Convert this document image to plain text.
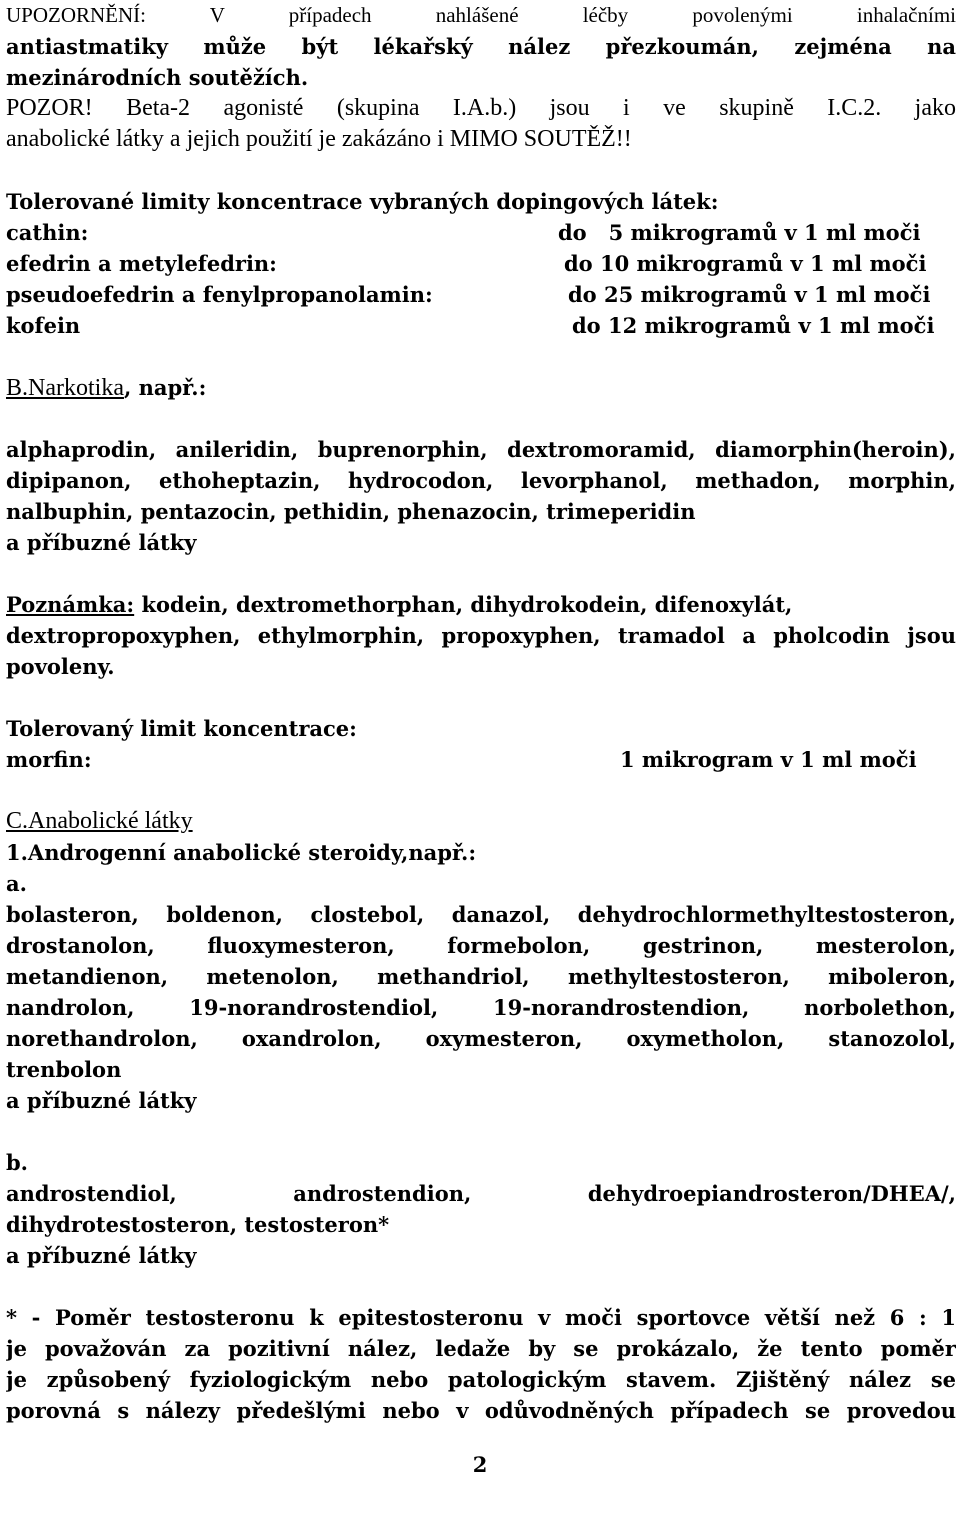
UPOZORNĚNÍ: V případech nahlášené léčby povolenými inhalačními
antiastmatiky může být lékařský nález přezkoumán, zejména na
mezinárodních soutěžích.
POZOR! Beta-2 agonisté (skupina I.A.b.) jsou i ve skupině I.C.2. jako
anabolické látky a jejich použití je zakázáno i MIMO SOUTĚŽ!!
Tolerované limity koncentrace vybraných dopingových látek:
cathin:	do   5 mikrogramů v 1 ml moči
efedrin a metylefedrin:	do 10 mikrogramů v 1 ml moči
pseudoefedrin a fenylpropanolamin:	do 25 mikrogramů v 1 ml moči
kofein	do 12 mikrogramů v 1 ml moči
B.Narkotika, např.:
alphaprodin, anileridin, buprenorphin, dextromoramid, diamorphin(heroin),
dipipanon, ethoheptazin, hydrocodon, levorphanol, methadon, morphin,
nalbuphin, pentazocin, pethidin, phenazocin, trimeperidin
a příbuzné látky
Poznámka: kodein, dextromethorphan, dihydrokodein, difenoxylát,
dextropropoxyphen, ethylmorphin, propoxyphen, tramadol a pholcodin jsou
povoleny.
Tolerovaný limit koncentrace:
morfin:	1 mikrogram v 1 ml moči
C.Anabolické látky
1.Androgenní anabolické steroidy,např.:
a.
bolasteron, boldenon, clostebol, danazol, dehydrochlormethyltestosteron,
drostanolon, fluoxymesteron, formebolon, gestrinon, mesterolon,
metandienon, metenolon, methandriol, methyltestosteron, miboleron,
nandrolon, 19-norandrostendiol, 19-norandrostendion, norbolethon,
norethandrolon, oxandrolon, oxymesteron, oxymetholon, stanozolol,
trenbolon
a příbuzné látky
b.
androstendiol, androstendion, dehydroepiandrosteron/DHEA/,
dihydrotestosteron, testosteron*
a příbuzné látky
* - Poměr testosteronu k epitestosteronu v moči sportovce větší než 6 : 1
je považován za pozitivní nález, ledaže by se prokázalo, že tento poměr
je způsobený fyziologickým nebo patologickým stavem. Zjištěný nález se
porovná s nálezy předešlými nebo v odůvodněných případech se provedou
2
